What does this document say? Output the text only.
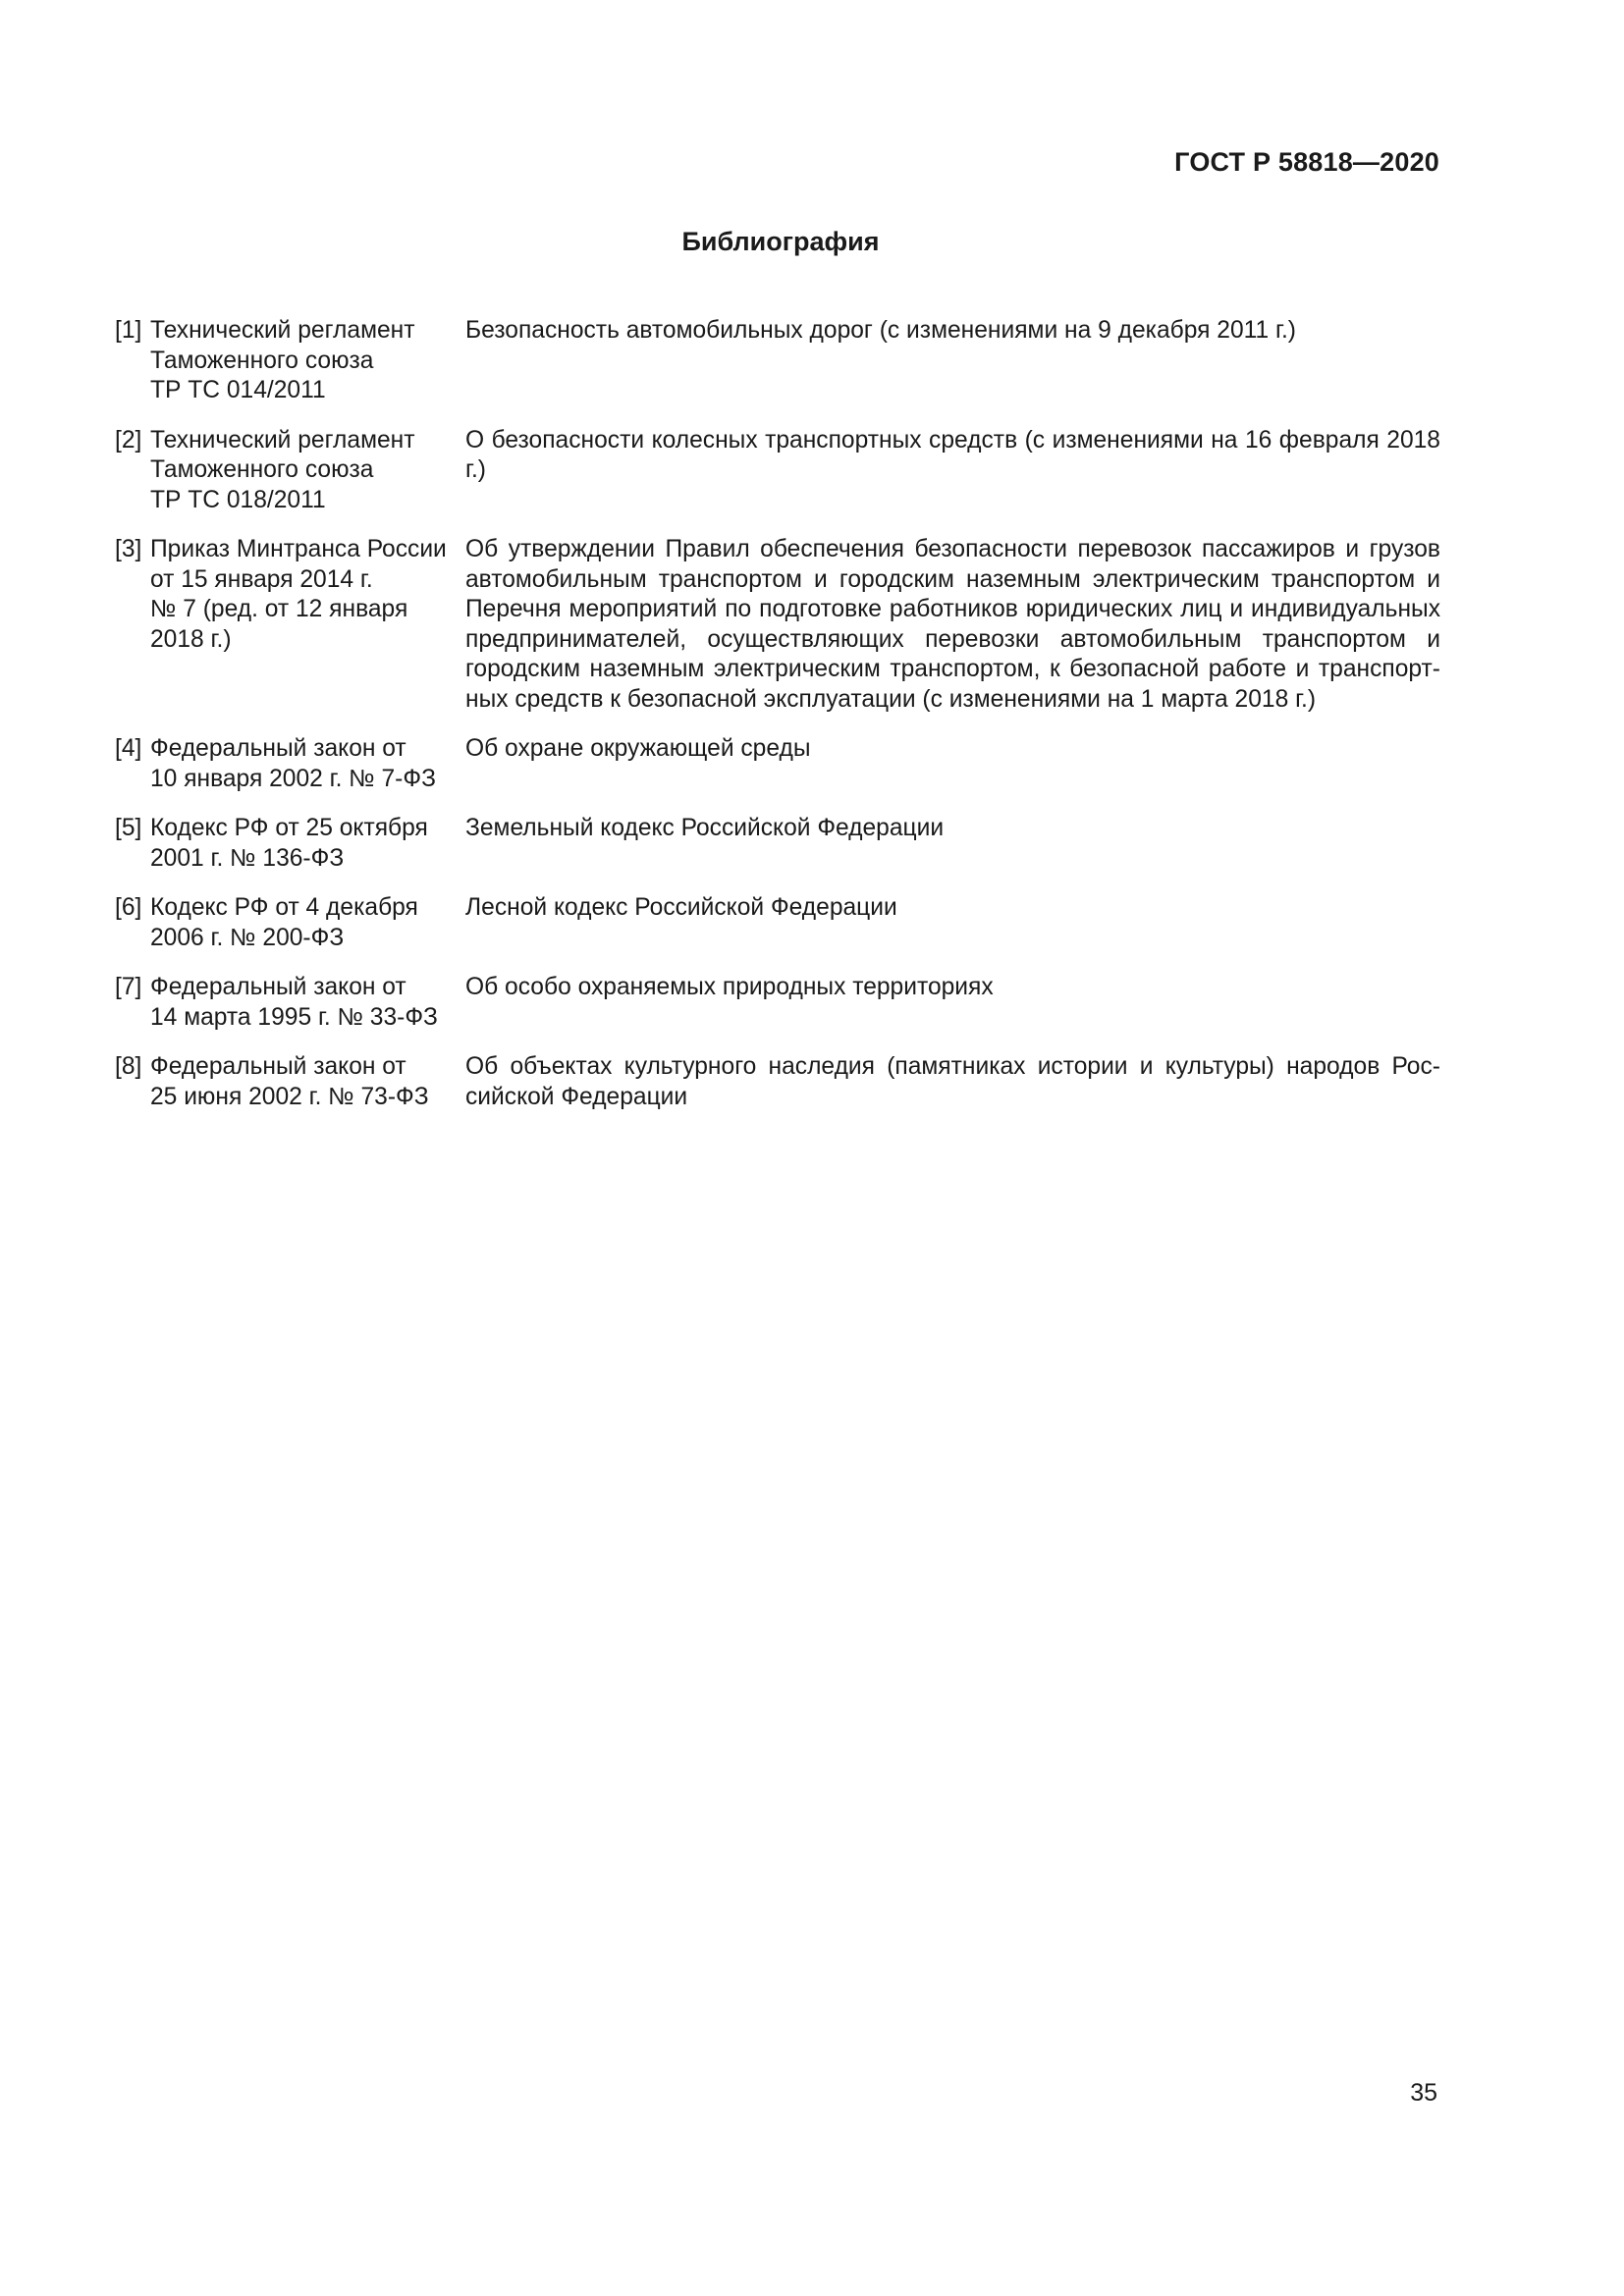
ГОСТ Р 58818—2020
Библиография
[1] Технический регламент
Таможенного союза
ТР ТС 014/2011
Безопасность автомобильных дорог (с изменениями на 9 декабря 2011 г.)
[2] Технический регламент
Таможенного союза
ТР ТС 018/2011
О безопасности колесных транспортных средств (с изменениями на 16 февраля 2018 г.)
[3] Приказ Минтранса России
от 15 января 2014 г.
№ 7 (ред. от 12 января
2018 г.)
Об утверждении Правил обеспечения безопасности перевозок пассажиров и грузов автомобильным транспортом и городским наземным электрическим транспортом и Перечня мероприятий по подготовке работников юридических лиц и индивидуальных предпринимателей, осуществляющих перевозки автомобильным транспортом и городским наземным электрическим транспортом, к безопасной работе и транспортных средств к безопасной эксплуатации (с изменениями на 1 марта 2018 г.)
[4] Федеральный закон от
10 января 2002 г. № 7-ФЗ
Об охране окружающей среды
[5] Кодекс РФ от 25 октября
2001 г. № 136-ФЗ
Земельный кодекс Российской Федерации
[6] Кодекс РФ от 4 декабря
2006 г. № 200-ФЗ
Лесной кодекс Российской Федерации
[7] Федеральный закон от
14 марта 1995 г. № 33-ФЗ
Об особо охраняемых природных территориях
[8] Федеральный закон от
25 июня 2002 г. № 73-ФЗ
Об объектах культурного наследия (памятниках истории и культуры) народов Российской Федерации
35
